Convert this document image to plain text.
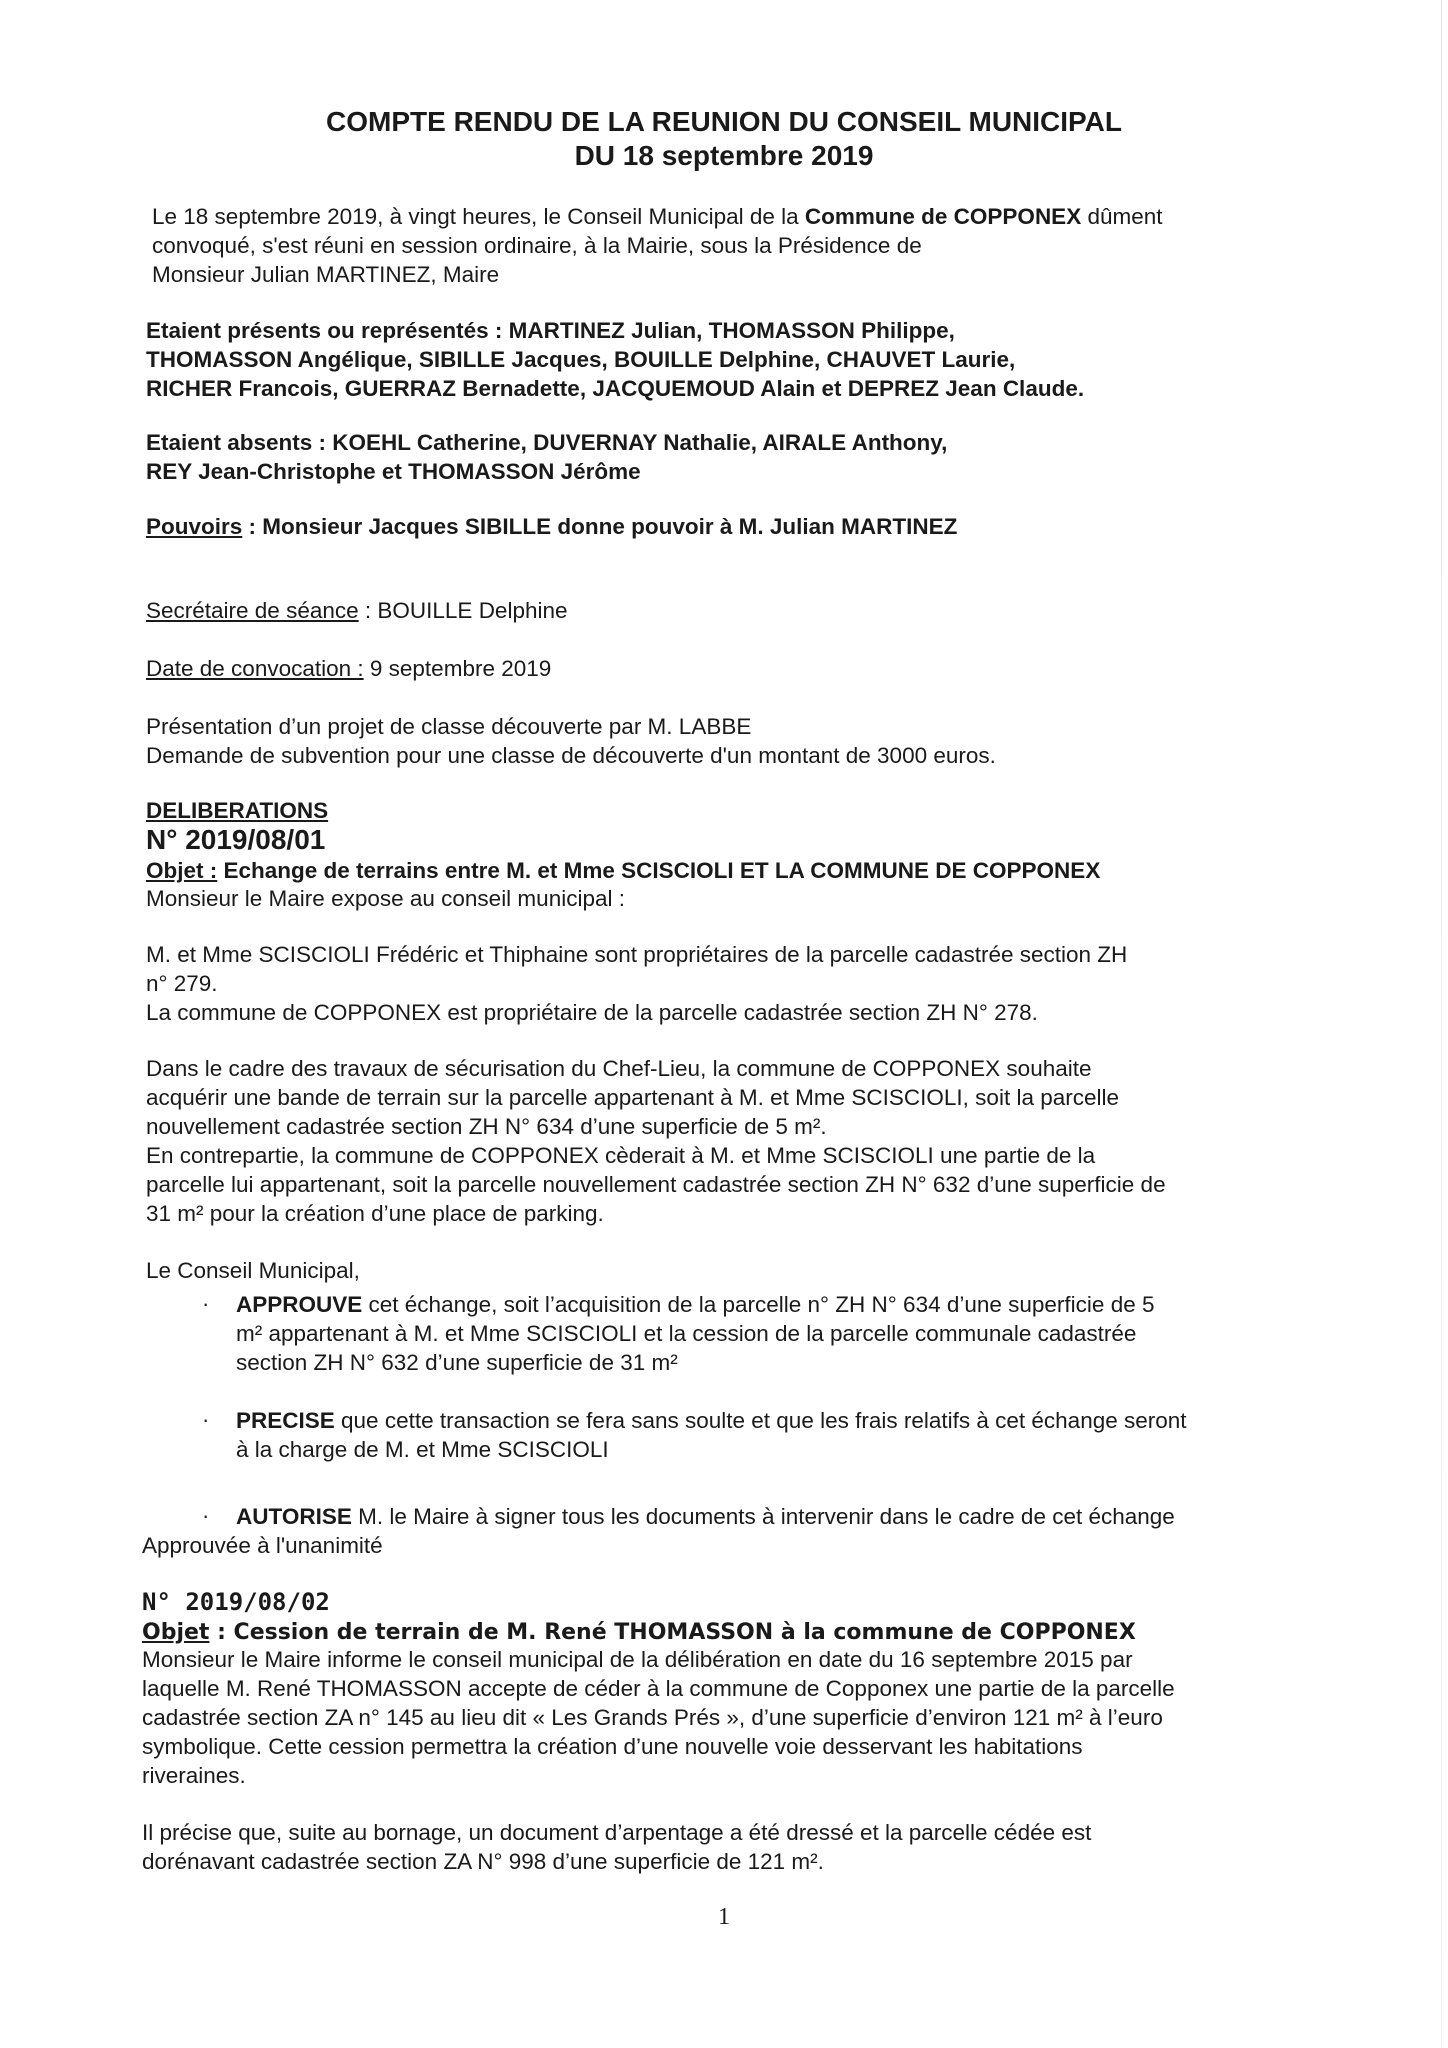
COMPTE RENDU DE LA REUNION DU CONSEIL MUNICIPAL
DU 18 septembre 2019
Le 18 septembre 2019, à vingt heures, le Conseil Municipal de la Commune de COPPONEX dûment
convoqué, s'est réuni en session ordinaire, à la Mairie, sous la Présidence de
Monsieur Julian MARTINEZ, Maire
Etaient présents ou représentés : MARTINEZ Julian, THOMASSON Philippe,
THOMASSON Angélique, SIBILLE Jacques, BOUILLE Delphine, CHAUVET Laurie,
RICHER Francois, GUERRAZ Bernadette, JACQUEMOUD Alain et DEPREZ Jean Claude.
Etaient absents : KOEHL Catherine, DUVERNAY Nathalie, AIRALE Anthony,
REY Jean-Christophe et THOMASSON Jérôme
Pouvoirs : Monsieur Jacques SIBILLE donne pouvoir à M. Julian MARTINEZ
Secrétaire de séance : BOUILLE Delphine
Date de convocation : 9 septembre 2019
Présentation d’un projet de classe découverte par M. LABBE
Demande de subvention pour une classe de découverte d'un montant de 3000 euros.
DELIBERATIONS
N° 2019/08/01
Objet : Echange de terrains entre M. et Mme SCISCIOLI ET LA COMMUNE DE COPPONEX
Monsieur le Maire expose au conseil municipal :
M. et Mme SCISCIOLI Frédéric et Thiphaine sont propriétaires de la parcelle cadastrée section ZH
n° 279.
La commune de COPPONEX est propriétaire de la parcelle cadastrée section ZH N° 278.
Dans le cadre des travaux de sécurisation du Chef-Lieu, la commune de COPPONEX souhaite
acquérir une bande de terrain sur la parcelle appartenant à M. et Mme SCISCIOLI, soit la parcelle
nouvellement cadastrée section ZH N° 634 d’une superficie de 5 m².
En contrepartie, la commune de COPPONEX cèderait à M. et Mme SCISCIOLI une partie de la
parcelle lui appartenant, soit la parcelle nouvellement cadastrée section ZH N° 632 d’une superficie de
31 m² pour la création d’une place de parking.
Le Conseil Municipal,
· APPROUVE cet échange, soit l’acquisition de la parcelle n° ZH N° 634 d’une superficie de 5
m² appartenant à M. et Mme SCISCIOLI et la cession de la parcelle communale cadastrée
section ZH N° 632 d’une superficie de 31 m²
· PRECISE que cette transaction se fera sans soulte et que les frais relatifs à cet échange seront
à la charge de M. et Mme SCISCIOLI
· AUTORISE M. le Maire à signer tous les documents à intervenir dans le cadre de cet échange
Approuvée à l'unanimité
N° 2019/08/02
Objet : Cession de terrain de M. René THOMASSON à la commune de COPPONEX
Monsieur le Maire informe le conseil municipal de la délibération en date du 16 septembre 2015 par
laquelle M. René THOMASSON accepte de céder à la commune de Copponex une partie de la parcelle
cadastrée section ZA n° 145 au lieu dit « Les Grands Prés », d’une superficie d’environ 121 m² à l’euro
symbolique. Cette cession permettra la création d’une nouvelle voie desservant les habitations
riveraines.
Il précise que, suite au bornage, un document d’arpentage a été dressé et la parcelle cédée est
dorénavant cadastrée section ZA N° 998 d’une superficie de 121 m².
1
